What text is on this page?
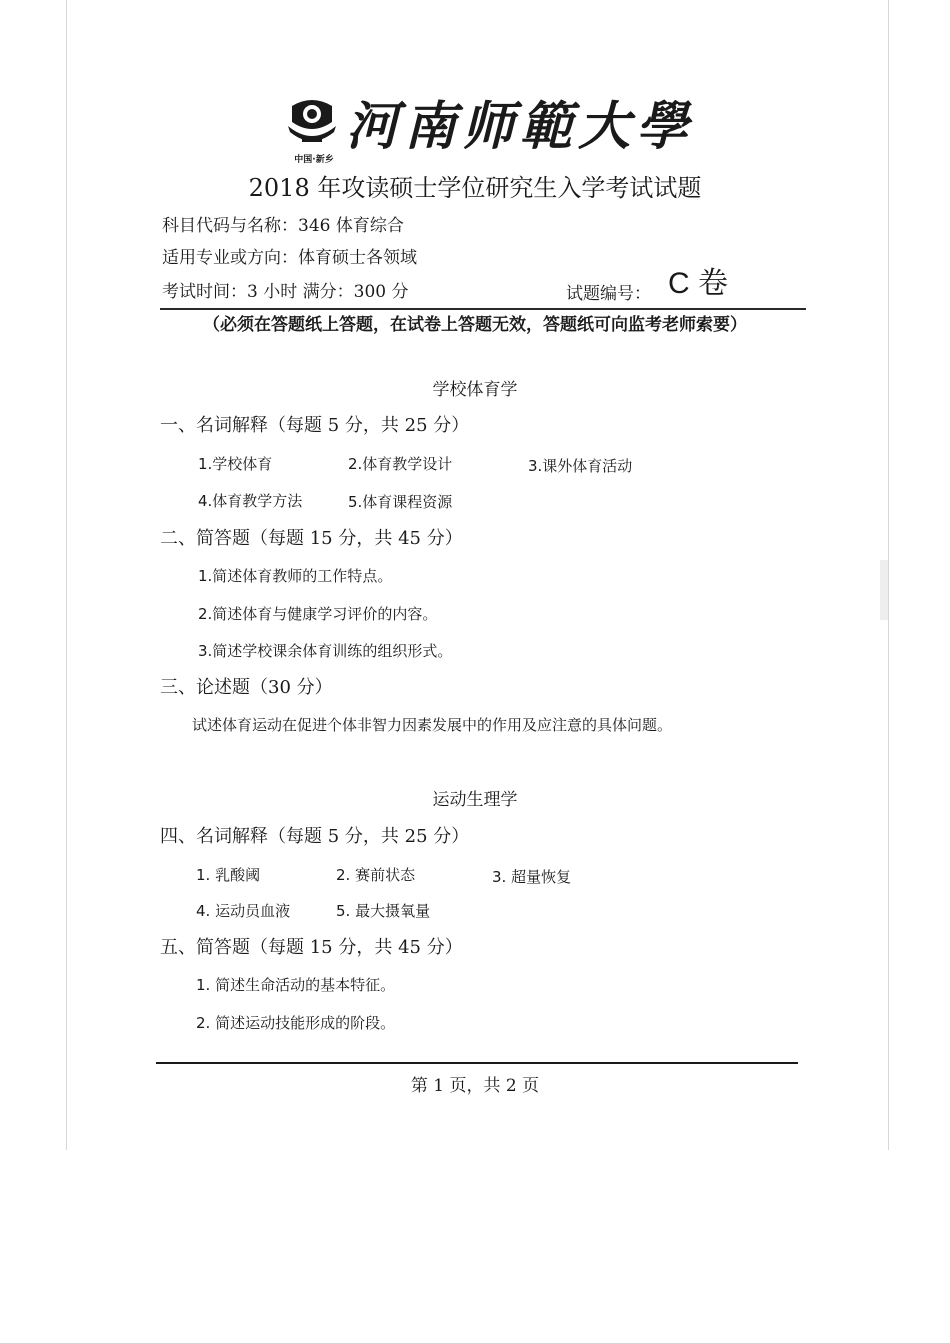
中国·新乡
河南师範大學
2018 年攻读硕士学位研究生入学考试试题
科目代码与名称：346 体育综合
适用专业或方向：体育硕士各领域
考试时间：3 小时 满分：300 分	试题编号： C 卷
（必须在答题纸上答题，在试卷上答题无效，答题纸可向监考老师索要）
学校体育学
一、名词解释（每题 5 分，共 25 分）
1.学校体育	2.体育教学设计	3.课外体育活动
4.体育教学方法	5.体育课程资源
二、简答题（每题 15 分，共 45 分）
1.简述体育教师的工作特点。
2.简述体育与健康学习评价的内容。
3.简述学校课余体育训练的组织形式。
三、论述题（30 分）
试述体育运动在促进个体非智力因素发展中的作用及应注意的具体问题。
运动生理学
四、名词解释（每题 5 分，共 25 分）
1. 乳酸阈	2. 赛前状态	3. 超量恢复
4. 运动员血液	5. 最大摄氧量
五、简答题（每题 15 分，共 45 分）
1. 简述生命活动的基本特征。
2. 简述运动技能形成的阶段。
第 1 页，共 2 页
